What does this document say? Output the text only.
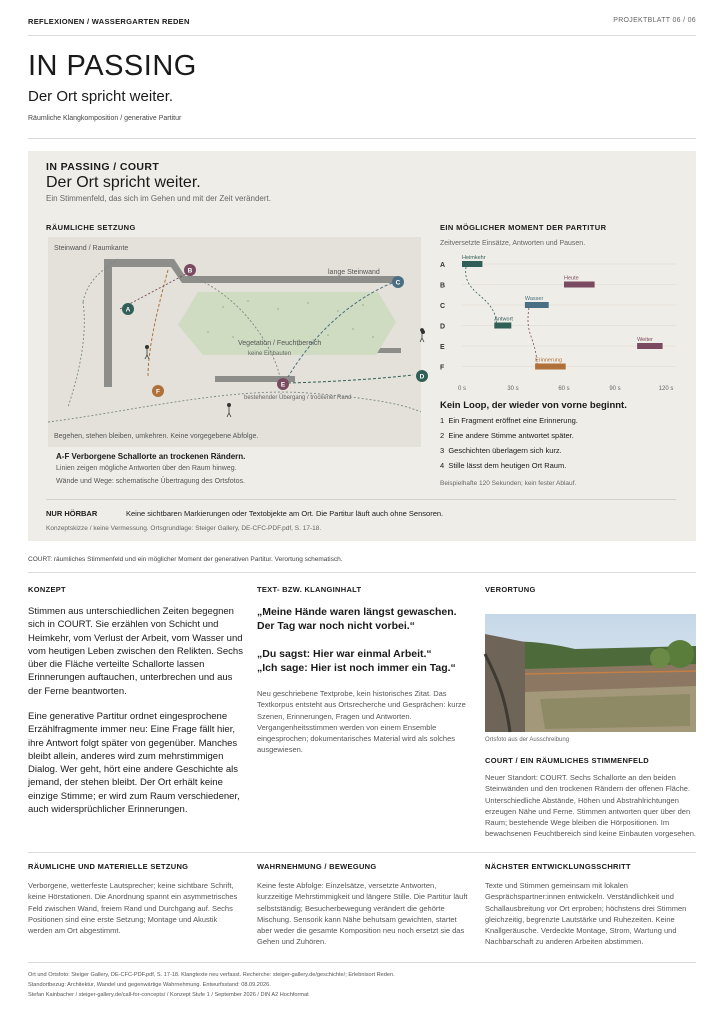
REFLEXIONEN / WASSERGARTEN REDEN	PROJEKTBLATT 06 / 06
IN PASSING
Der Ort spricht weiter.
Räumliche Klangkomposition / generative Partitur
IN PASSING / COURT
Der Ort spricht weiter.
Ein Stimmenfeld, das sich im Gehen und mit der Zeit verändert.
RÄUMLICHE SETZUNG
A
B
C
D
E
F
Steinwand / Raumkante
lange Steinwand
Vegetation / Feuchtbereich
keine Einbauten
bestehender Übergang / trockener Rand
Begehen, stehen bleiben, umkehren. Keine vorgegebene Abfolge.
A-F Verborgene Schallorte an trockenen Rändern.
Linien zeigen mögliche Antworten über den Raum hinweg.
Wände und Wege: schematische Übertragung des Ortsfotos.
EIN MÖGLICHER MOMENT DER PARTITUR
Zeitversetzte Einsätze, Antworten und Pausen.
A
B
C
D
E
F
Heimkehr
Heute
Wasser
Antwort
Weiter
Erinnerung
0 s	30 s	60 s	90 s	120 s
Kein Loop, der wieder von vorne beginnt.
1 Ein Fragment eröffnet eine Erinnerung.
2 Eine andere Stimme antwortet später.
3 Geschichten überlagern sich kurz.
4 Stille lässt dem heutigen Ort Raum.
Beispielhafte 120 Sekunden; kein fester Ablauf.
NUR HÖRBAR	Keine sichtbaren Markierungen oder Textobjekte am Ort. Die Partitur läuft auch ohne Sensoren.
Konzeptskizze / keine Vermessung. Ortsgrundlage: Steiger Gallery, DE-CFC-PDF.pdf, S. 17-18.
COURT: räumliches Stimmenfeld und ein möglicher Moment der generativen Partitur. Verortung schematisch.
KONZEPT
Stimmen aus unterschiedlichen Zeiten begegnen sich in COURT. Sie erzählen von Schicht und Heimkehr, vom Verlust der Arbeit, vom Wasser und vom heutigen Leben zwischen den Relikten. Sechs über die Fläche verteilte Schallorte lassen Erinnerungen auftauchen, unterbrechen und aus der Ferne beantworten.
Eine generative Partitur ordnet eingesprochene Erzählfragmente immer neu: Eine Frage fällt hier, ihre Antwort folgt später von gegenüber. Manches bleibt allein, anderes wird zum mehrstimmigen Dialog. Wer geht, hört eine andere Geschichte als jemand, der stehen bleibt. Der Ort erhält keine einzige Stimme; er wird zum Raum verschiedener, auch widersprüchlicher Erinnerungen.
TEXT- BZW. KLANGINHALT
„Meine Hände waren längst gewaschen.
Der Tag war noch nicht vorbei.“
„Du sagst: Hier war einmal Arbeit.“
„Ich sage: Hier ist noch immer ein Tag.“
Neu geschriebene Textprobe, kein historisches Zitat. Das Textkorpus entsteht aus Ortsrecherche und Gesprächen: kurze Szenen, Erinnerungen, Fragen und Antworten. Vergangenheitsstimmen werden von einem Ensemble eingesprochen; dokumentarisches Material wird als solches ausgewiesen.
VERORTUNG
Ortsfoto aus der Ausschreibung
COURT / EIN RÄUMLICHES STIMMENFELD
Neuer Standort: COURT. Sechs Schallorte an den beiden Steinwänden und den trockenen Rändern der offenen Fläche. Unterschiedliche Abstände, Höhen und Abstrahlrichtungen erzeugen Nähe und Ferne. Stimmen antworten quer über den Raum; bestehende Wege bleiben die Hörpositionen. Im bewachsenen Feuchtbereich sind keine Einbauten vorgesehen.
RÄUMLICHE UND MATERIELLE SETZUNG
Verborgene, wetterfeste Lautsprecher; keine sichtbare Schrift, keine Hörstationen. Die Anordnung spannt ein asymmetrisches Feld zwischen Wand, freiem Rand und Durchgang auf. Sechs Positionen sind eine erste Setzung; Montage und Akustik werden am Ort abgestimmt.
WAHRNEHMUNG / BEWEGUNG
Keine feste Abfolge: Einzelsätze, versetzte Antworten, kurzzeitige Mehrstimmigkeit und längere Stille. Die Partitur läuft selbstständig; Besucherbewegung verändert die gehörte Mischung. Sensorik kann Nähe behutsam gewichten, startet aber weder die gesamte Komposition neu noch ersetzt sie das Gehen und Zuhören.
NÄCHSTER ENTWICKLUNGSSCHRITT
Texte und Stimmen gemeinsam mit lokalen Gesprächspartner:innen entwickeln. Verständlichkeit und Schallausbreitung vor Ort erproben; höchstens drei Stimmen gleichzeitig, begrenzte Lautstärke und Ruhezeiten. Keine Knallgeräusche. Verdeckte Montage, Strom, Wartung und Nachbarschaft zu anderen Arbeiten abstimmen.
Ort und Ortsfoto: Steiger Gallery, DE-CFC-PDF.pdf, S. 17-18. Klangtexte neu verfasst. Recherche: steiger-gallery.de/geschichte/; Erlebnisort Reden.
Standortbezug: Architektur, Wandel und gegenwärtige Wahrnehmung. Entwurfsstand: 08.09.2026.
Stefan Kainbacher / steiger-gallery.de/call-for-concepts/ / Konzept Stufe 1 / September 2026 / DIN A2 Hochformat
